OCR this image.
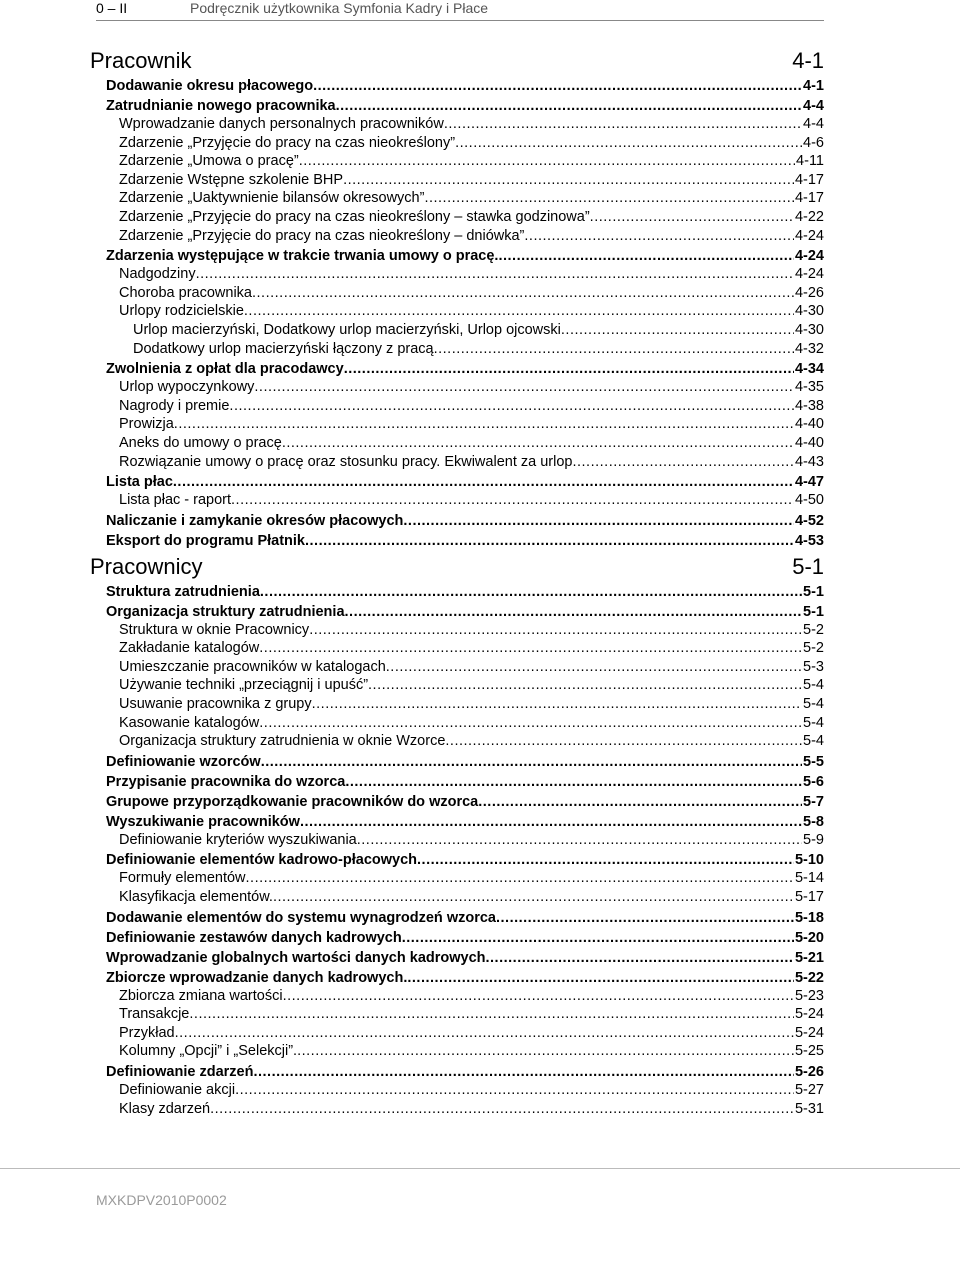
0 – II	Podręcznik użytkownika Symfonia Kadry i Płace
Pracownik	4-1
Dodawanie okresu płacowego .....	4-1
Zatrudnianie nowego pracownika .....	4-4
Wprowadzanie danych personalnych pracowników .....	4-4
Zdarzenie „Przyjęcie do pracy na czas nieokreślony” .....	4-6
Zdarzenie „Umowa o pracę” .....	4-11
Zdarzenie Wstępne szkolenie BHP .....	4-17
Zdarzenie „Uaktywnienie bilansów okresowych” .....	4-17
Zdarzenie „Przyjęcie do pracy na czas nieokreślony – stawka godzinowa” .....	4-22
Zdarzenie „Przyjęcie do pracy na czas nieokreślony – dniówka” .....	4-24
Zdarzenia występujące w trakcie trwania umowy o pracę. .....	4-24
Nadgodziny .....	4-24
Choroba pracownika .....	4-26
Urlopy rodzicielskie .....	4-30
Urlop macierzyński, Dodatkowy urlop macierzyński, Urlop ojcowski .....	4-30
Dodatkowy urlop macierzyński łączony z pracą .....	4-32
Zwolnienia z opłat dla pracodawcy .....	4-34
Urlop wypoczynkowy .....	4-35
Nagrody i premie .....	4-38
Prowizja .....	4-40
Aneks do umowy o pracę .....	4-40
Rozwiązanie umowy o pracę oraz stosunku pracy. Ekwiwalent za urlop .....	4-43
Lista płac .....	4-47
Lista płac - raport .....	4-50
Naliczanie i zamykanie okresów płacowych .....	4-52
Eksport do programu Płatnik .....	4-53
Pracownicy	5-1
Struktura zatrudnienia .....	5-1
Organizacja struktury zatrudnienia .....	5-1
Struktura w oknie Pracownicy .....	5-2
Zakładanie katalogów .....	5-2
Umieszczanie pracowników w katalogach .....	5-3
Używanie techniki „przeciągnij i upuść” .....	5-4
Usuwanie pracownika z grupy .....	5-4
Kasowanie katalogów .....	5-4
Organizacja struktury zatrudnienia w oknie Wzorce .....	5-4
Definiowanie wzorców .....	5-5
Przypisanie pracownika do wzorca .....	5-6
Grupowe przyporządkowanie pracowników do wzorca .....	5-7
Wyszukiwanie pracowników .....	5-8
Definiowanie kryteriów wyszukiwania .....	5-9
Definiowanie elementów kadrowo-płacowych .....	5-10
Formuły elementów .....	5-14
Klasyfikacja elementów. .....	5-17
Dodawanie elementów do systemu wynagrodzeń wzorca .....	5-18
Definiowanie zestawów danych kadrowych .....	5-20
Wprowadzanie globalnych wartości danych kadrowych .....	5-21
Zbiorcze wprowadzanie danych kadrowych. .....	5-22
Zbiorcza zmiana wartości .....	5-23
Transakcje .....	5-24
Przykład .....	5-24
Kolumny „Opcji” i „Selekcji”. .....	5-25
Definiowanie zdarzeń .....	5-26
Definiowanie akcji .....	5-27
Klasy zdarzeń .....	5-31
MXKDPV2010P0002
